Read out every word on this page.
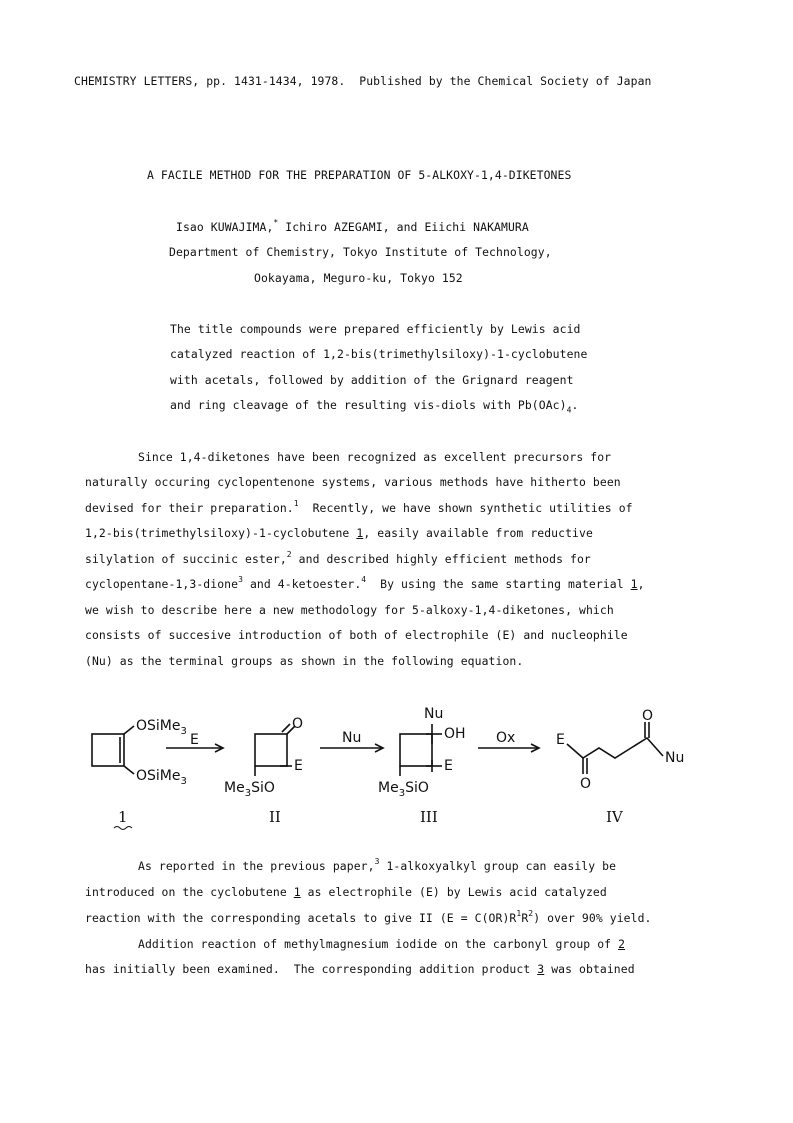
CHEMISTRY LETTERS, pp. 1431-1434, 1978.  Published by the Chemical Society of Japan
A FACILE METHOD FOR THE PREPARATION OF 5-ALKOXY-1,4-DIKETONES
Isao KUWAJIMA,* Ichiro AZEGAMI, and Eiichi NAKAMURA
Department of Chemistry, Tokyo Institute of Technology,
Ookayama, Meguro-ku, Tokyo 152
The title compounds were prepared efficiently by Lewis acid
catalyzed reaction of 1,2-bis(trimethylsiloxy)-1-cyclobutene
with acetals, followed by addition of the Grignard reagent
and ring cleavage of the resulting vis-diols with $Pb(OAc)_4$.
Since 1,4-diketones have been recognized as excellent precursors for
naturally occuring cyclopentenone systems, various methods have hitherto been
devised for their preparation.$^1$  Recently, we have shown synthetic utilities of
1,2-bis(trimethylsiloxy)-1-cyclobutene 1, easily available from reductive
silylation of succinic ester,$^2$ and described highly efficient methods for
cyclopentane-1,3-dione$^3$ and 4-ketoester.$^4$  By using the same starting material 1,
we wish to describe here a new methodology for 5-alkoxy-1,4-diketones, which
consists of succesive introduction of both of electrophile (E) and nucleophile
(Nu) as the terminal groups as shown in the following equation.
OSiMe$_3$
OSiMe$_3$
E
O
E
$Me_3SiO$
Nu
Nu
OH
E
$Me_3SiO$
Ox	E
O
O
Nu
1	II	III	IV
As reported in the previous paper,$^3$ 1-alkoxyalkyl group can easily be
introduced on the cyclobutene 1 as electrophile (E) by Lewis acid catalyzed
reaction with the corresponding acetals to give II $(E = C(OR)R^1R^2)$ over 90% yield.
Addition reaction of methylmagnesium iodide on the carbonyl group of 2
has initially been examined.  The corresponding addition product 3 was obtained
